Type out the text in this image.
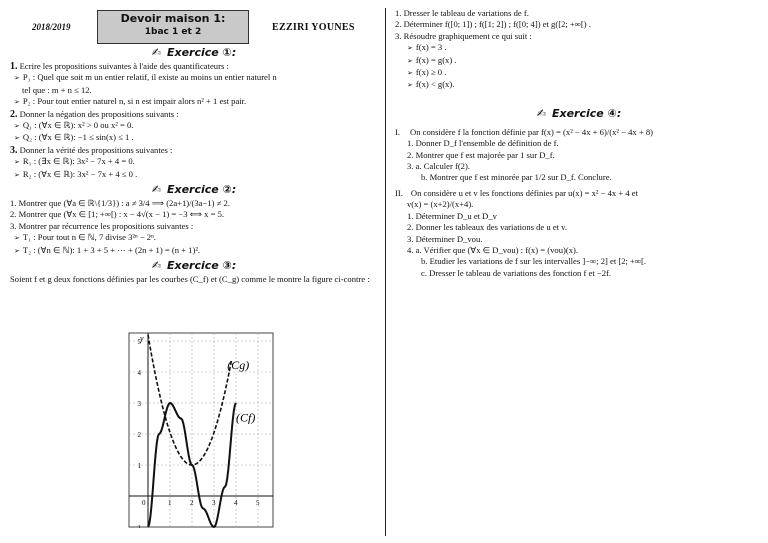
2018/2019
Devoir maison 1:
1bac 1 et 2	EZZIRI YOUNES
✍ Exercice ①:
1. Ecrire les propositions suivantes à l'aide des quantificateurs :
➢ P₁ : Quel que soit m un entier relatif, il existe au moins un entier naturel n
tel que : m + n ≤ 12.
➢ P₂ : Pour tout entier naturel n, si n est impair alors n² + 1 est pair.
2. Donner la négation des propositions suivants :
➢ Q₁ : (∀x ∈ ℝ): x² > 0 ou x² = 0.
➢ Q₂ : (∀x ∈ ℝ): −1 ≤ sin(x) ≤ 1 .
3. Donner la vérité des propositions suivantes :
➢ R₁ : (∃x ∈ ℝ): 3x² − 7x + 4 = 0.
➢ R₂ : (∀x ∈ ℝ): 3x² − 7x + 4 ≤ 0 .
✍ Exercice ②:
1. Montrer que (∀a ∈ ℝ\{1/3}) : a ≠ 3/4 ⟹ (2a+1)/(3a−1) ≠ 2.
2. Montrer que (∀x ∈ [1; +∞[) : x − 4√(x − 1) = −3 ⟺ x = 5.
3. Montrer par récurrence les propositions suivantes :
➢ T₁ : Pour tout n ∈ ℕ, 7 divise 3²ⁿ − 2ⁿ.
➢ T₂ : (∀n ∈ ℕ): 1 + 3 + 5 + ⋯ + (2n + 1) = (n + 1)².
✍ Exercice ③:
Soient f et g deux fonctions définies par les courbes (C_f) et (C_g) comme le montre la figure ci-contre :
1	2	3	4	5
5
4
3
2
1
-1
(Cg)
(Cf)
y
0
1. Dresser le tableau de variations de f.
2. Déterminer f([0; 1]) ; f([1; 2]) ; f([0; 4]) et g([2; +∞[) .
3. Résoudre graphiquement ce qui suit :
➢ f(x) = 3 .
➢ f(x) = g(x) .
➢ f(x) ≥ 0 .
➢ f(x) < g(x).
✍ Exercice ④:
I. On considère f la fonction définie par f(x) = (x² − 4x + 6)/(x² − 4x + 8)
1. Donner D_f l'ensemble de définition de f.
2. Montrer que f est majorée par 1 sur D_f.
3. a. Calculer f(2).
b. Montrer que f est minorée par 1/2 sur D_f. Conclure.
II. On considère u et v les fonctions définies par u(x) = x² − 4x + 4 et
v(x) = (x+2)/(x+4).
1. Déterminer D_u et D_v
2. Donner les tableaux des variations de u et v.
3. Déterminer D_vou.
4. a. Vérifier que (∀x ∈ D_vou) : f(x) = (vou)(x).
b. Etudier les variations de f sur les intervalles ]−∞; 2] et [2; +∞[.
c. Dresser le tableau de variations des fonction f et −2f.
